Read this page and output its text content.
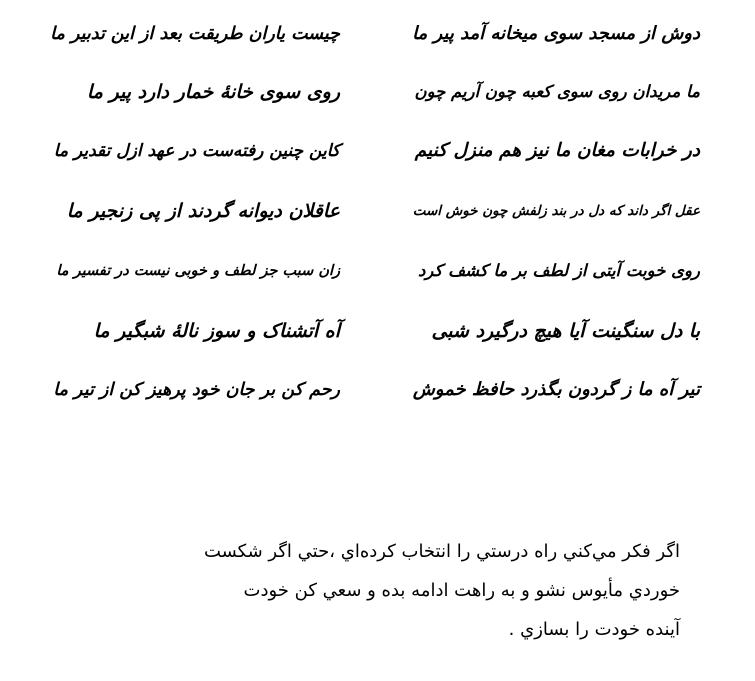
دوش از مسجد سوی میخانه آمد پیر ما
چیست یاران طریقت بعد از این تدبیر ما
ما مریدان روی سوی کعبه چون آریم چون
روی سوی خانهٔ خمار دارد پیر ما
در خرابات مغان ما نیز هم منزل کنیم
کاین چنین رفته‌ست در عهد ازل تقدیر ما
عقل اگر داند که دل در بند زلفش چون خوش است
عاقلان دیوانه گردند از پی زنجیر ما
روی خوبت آیتی از لطف بر ما کشف کرد
زان سبب جز لطف و خوبی نیست در تفسیر ما
با دل سنگینت آیا هیچ درگیرد شبی
آه آتشناک و سوز نالهٔ شبگیر ما
تیر آه ما ز گردون بگذرد حافظ خموش
رحم کن بر جان خود پرهیز کن از تیر ما
اگر فكر مي‌كني راه درستي را انتخاب كرده‌اي ،حتي اگر شكست
خوردي مأيوس نشو و به راهت ادامه بده و سعي كن خودت
آينده خودت را بسازي .
